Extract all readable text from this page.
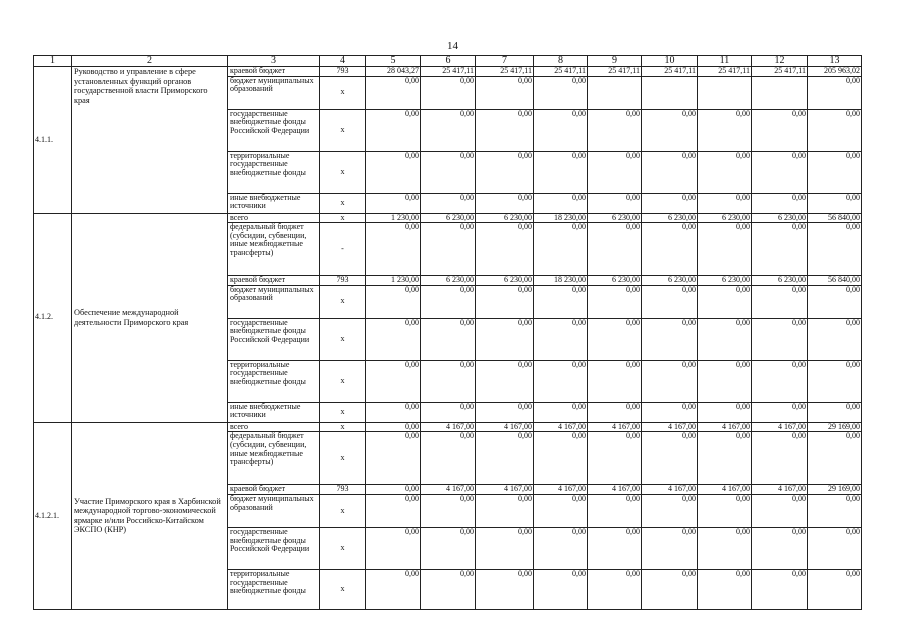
14
1	2	3	4	5	6	7	8	9	10	11	12	13
4.1.1.	Руководство и управление в сфере установленных функций органов государственной власти Приморского края	краевой бюджет	793	28 043,27	25 417,11	25 417,11	25 417,11	25 417,11	25 417,11	25 417,11	25 417,11	205 963,02
		бюджет муниципальных образований	x	0,00	0,00	0,00	0,00					0,00
		государственные внебюджетные фонды Российской Федерации	x	0,00	0,00	0,00	0,00	0,00	0,00	0,00	0,00	0,00
		территориальные государственные внебюджетные фонды	x	0,00	0,00	0,00	0,00	0,00	0,00	0,00	0,00	0,00
		иные внебюджетные источники	x	0,00	0,00	0,00	0,00	0,00	0,00	0,00	0,00	0,00
4.1.2.	Обеспечение международной деятельности Приморского края	всего	x	1 230,00	6 230,00	6 230,00	18 230,00	6 230,00	6 230,00	6 230,00	6 230,00	56 840,00
		федеральный бюджет (субсидии, субвенции, иные межбюджетные трансферты)	-	0,00	0,00	0,00	0,00	0,00	0,00	0,00	0,00	0,00
		краевой бюджет	793	1 230,00	6 230,00	6 230,00	18 230,00	6 230,00	6 230,00	6 230,00	6 230,00	56 840,00
		бюджет муниципальных образований	x	0,00	0,00	0,00	0,00	0,00	0,00	0,00	0,00	0,00
		государственные внебюджетные фонды Российской Федерации	x	0,00	0,00	0,00	0,00	0,00	0,00	0,00	0,00	0,00
		территориальные государственные внебюджетные фонды	x	0,00	0,00	0,00	0,00	0,00	0,00	0,00	0,00	0,00
		иные внебюджетные источники	x	0,00	0,00	0,00	0,00	0,00	0,00	0,00	0,00	0,00
4.1.2.1.	Участие Приморского края в Харбинской международной торгово-экономической ярмарке и/или Российско-Китайском ЭКСПО (КНР)	всего	x	0,00	4 167,00	4 167,00	4 167,00	4 167,00	4 167,00	4 167,00	4 167,00	29 169,00
		федеральный бюджет (субсидии, субвенции, иные межбюджетные трансферты)	x	0,00	0,00	0,00	0,00	0,00	0,00	0,00	0,00	0,00
		краевой бюджет	793	0,00	4 167,00	4 167,00	4 167,00	4 167,00	4 167,00	4 167,00	4 167,00	29 169,00
		бюджет муниципальных образований	x	0,00	0,00	0,00	0,00	0,00	0,00	0,00	0,00	0,00
		государственные внебюджетные фонды Российской Федерации	x	0,00	0,00	0,00	0,00	0,00	0,00	0,00	0,00	0,00
		территориальные государственные внебюджетные фонды	x	0,00	0,00	0,00	0,00	0,00	0,00	0,00	0,00	0,00
